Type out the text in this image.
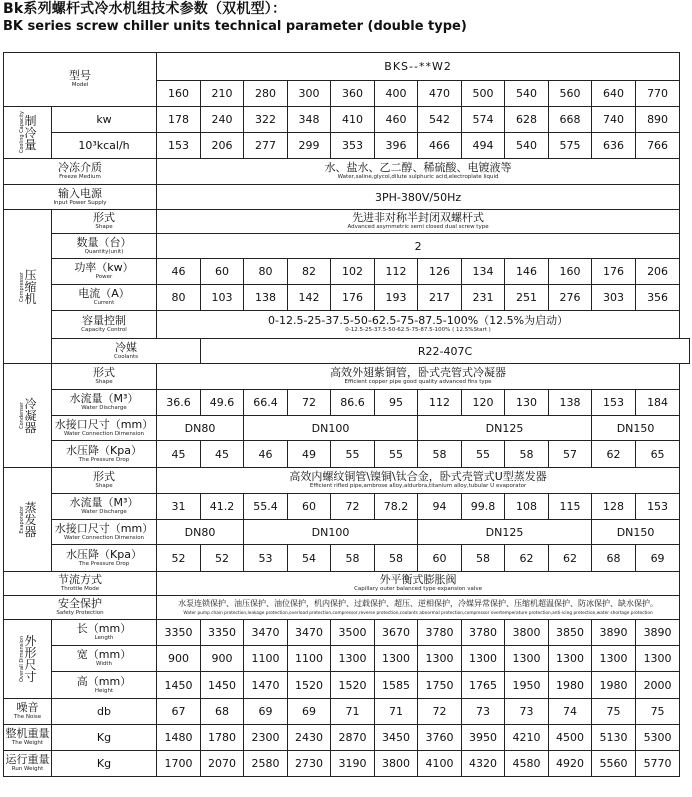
Bk系列螺杆式冷水机组技术参数（双机型）：
BK series screw chiller units technical parameter (double type)
型号
Model		BKS--**W2											
		160	210	280	300	360	400	470	500	540	560	640	770
Cooling Capacity制冷量	kw	178	240	322	348	410	460	542	574	628	668	740	890
	10³kcal/h	153	206	277	299	353	396	466	494	540	575	636	766

冷冻介质
Freeze Medium		水、盐水、乙二醇、稀硫酸、电镀液等
Water,saline,glycol,dilute sulphuric acid,electroplate liquid											

输入电源
Input Power Supply		3PH-380V/50Hz											
Compressor压缩机	形式
Shape	先进非对称半封闭双螺杆式
Advanced asymmetric semi closed dual screw type											

	数量（台）
Quantity(unit)	2											

	功率（kw）
Power	46	60	80	82	102	112	126	134	146	160	176	206

	电流（A）
Current	80	103	138	142	176	193	217	231	251	276	303	356

	容量控制
Capacity Control	0-12.5-25-37.5-50-62.5-75-87.5-100%（12.5%为启动）
0-12.5-25-37.5-50-62.5-75-87.5-100% ( 12.5%Start )											

	冷媒
Coolants		R22-407C										
Condenser冷凝器	形式
Shape	高效外翅紫铜管，卧式壳管式冷凝器
Efficient copper pipe good quality advanced fins type											

	水流量（M³）
Water Discharge	36.6	49.6	66.4	72	86.6	95	112	120	130	138	153	184

	水接口尺寸（mm）
Water Connection Dimension	DN80		DN100				DN125				DN150	

	水压降（Kpa）
The Pressure Drop	45	45	46	49	55	55	58	55	58	57	62	65
Evaporator蒸发器	形式
Shape	高效内螺纹铜管\镍铜\钛合金，卧式壳管式U型蒸发器
Efficient rifled pipe,ambrose alloy,aldurbra,titanium alloy,tubular U evaporator											

	水流量（M³）
Water Discharge	31	41.2	55.4	60	72	78.2	94	99.8	108	115	128	153

	水接口尺寸（mm）
Water Connection Dimension	DN80		DN100				DN125				DN150	

	水压降（Kpa）
The Pressure Drop	52	52	53	54	58	58	60	58	62	62	68	69

节流方式
Throttle Mode		外平衡式膨胀阀
Capillary outer balanced type expansion valve											

安全保护
Safety Protection		水泵连锁保护、油压保护、油位保护，机内保护、过载保护、超压、逆相保护，冷媒异常保护、压缩机超温保护、防冰保护、缺水保护。
Water pump chain protection,leakage protection,overload protection,compressor,reverse protection,coolants abnormal protection,compressor overtemperature protection,anti-icing protection,water shortage protection											

Overall Dimension外形尺寸	长（mm）
Length	3350	3350	3470	3470	3500	3670	3780	3780	3800	3850	3890	3890

	宽（mm）
Width	900	900	1100	1100	1300	1300	1300	1300	1300	1300	1300	1300

	高（mm）
Height	1450	1450	1470	1520	1520	1585	1750	1765	1950	1980	1980	2000

噪音
The Noise	db	67	68	69	69	71	71	72	73	73	74	75	75

整机重量
The Weight	Kg	1480	1780	2300	2430	2870	3450	3760	3950	4210	4500	5130	5300

运行重量
Run Weight	Kg	1700	2070	2580	2730	3190	3800	4100	4320	4580	4920	5560	5770
